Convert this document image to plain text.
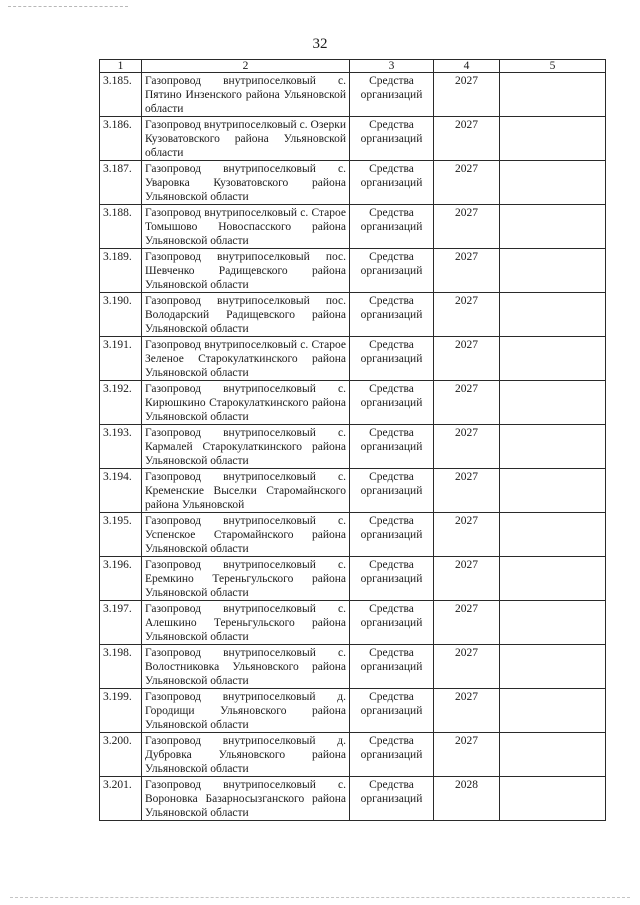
32
1	2	3	4	5
3.185.	Газопровод внутрипоселковый с. Пятино Инзенского района Ульяновской области	Средства организаций	2027	
3.186.	Газопровод внутрипоселковый с. Озерки Кузоватовского района Ульяновской области	Средства организаций	2027	
3.187.	Газопровод внутрипоселковый с. Уваровка Кузоватовского района Ульяновской области	Средства организаций	2027	
3.188.	Газопровод внутрипоселковый с. Старое Томышово Новоспасского района Ульяновской области	Средства организаций	2027	
3.189.	Газопровод внутрипоселковый пос. Шевченко Радищевского района Ульяновской области	Средства организаций	2027	
3.190.	Газопровод внутрипоселковый пос. Володарский Радищевского района Ульяновской области	Средства организаций	2027	
3.191.	Газопровод внутрипоселковый с. Старое Зеленое Старокулаткинского района Ульяновской области	Средства организаций	2027	
3.192.	Газопровод внутрипоселковый с. Кирюшкино Старокулаткинского района Ульяновской области	Средства организаций	2027	
3.193.	Газопровод внутрипоселковый с. Кармалей Старокулаткинского района Ульяновской области	Средства организаций	2027	
3.194.	Газопровод внутрипоселковый с. Кременские Выселки Старомайнского района Ульяновской	Средства организаций	2027	
3.195.	Газопровод внутрипоселковый с. Успенское Старомайнского района Ульяновской области	Средства организаций	2027	
3.196.	Газопровод внутрипоселковый с. Еремкино Тереньгульского района Ульяновской области	Средства организаций	2027	
3.197.	Газопровод внутрипоселковый с. Алешкино Тереньгульского района Ульяновской области	Средства организаций	2027	
3.198.	Газопровод внутрипоселковый с. Волостниковка Ульяновского района Ульяновской области	Средства организаций	2027	
3.199.	Газопровод внутрипоселковый д. Городищи Ульяновского района Ульяновской области	Средства организаций	2027	
3.200.	Газопровод внутрипоселковый д. Дубровка Ульяновского района Ульяновской области	Средства организаций	2027	
3.201.	Газопровод внутрипоселковый с. Вороновка Базарносызганского района Ульяновской области	Средства организаций	2028	
